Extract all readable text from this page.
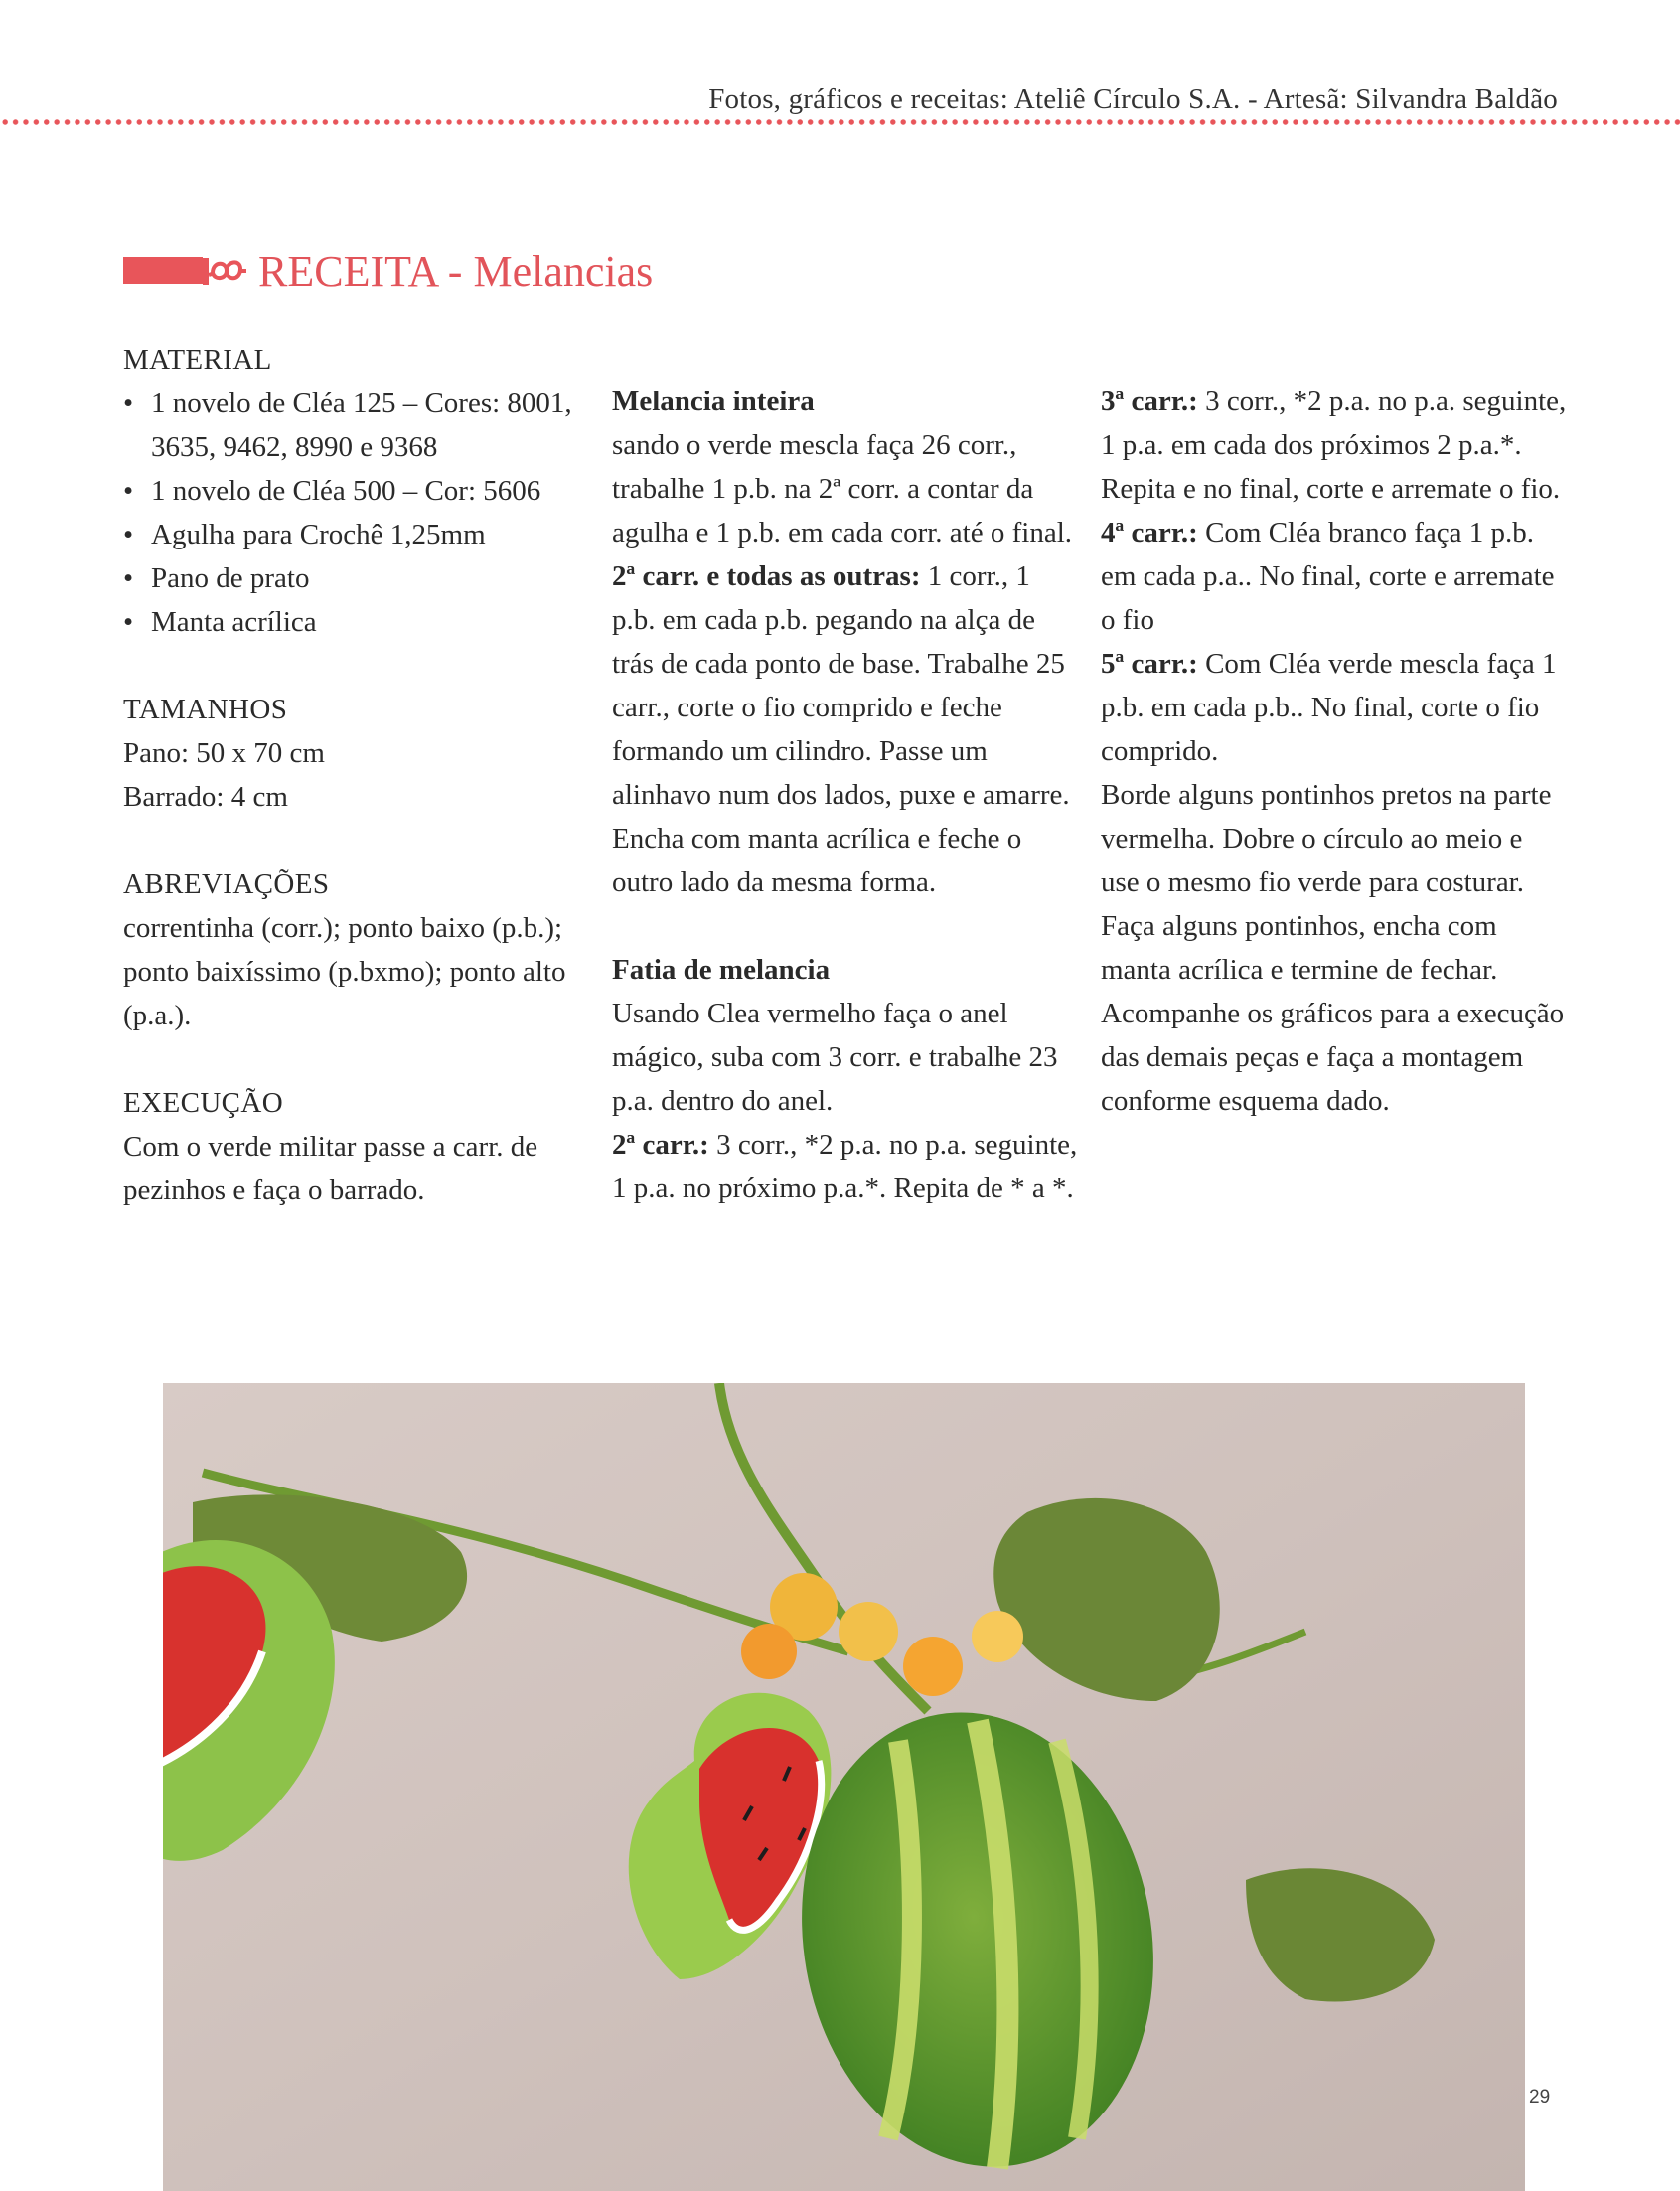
Fotos, gráficos e receitas: Ateliê Círculo S.A. - Artesã: Silvandra Baldão
RECEITA - Melancias

MATERIAL

• 1 novelo de Cléa 125 – Cores: 8001, 3635, 9462, 8990 e 9368
• 1 novelo de Cléa 500 – Cor: 5606
• Agulha para Crochê 1,25mm
• Pano de prato
• Manta acrílica

TAMANHOS

Pano: 50 x 70 cm

Barrado: 4 cm

ABREVIAÇÕES

correntinha (corr.); ponto baixo (p.b.); ponto baixíssimo (p.bxmo); ponto alto (p.a.).

EXECUÇÃO

Com o verde militar passe a carr. de pezinhos e faça o barrado.

Melancia inteira

sando o verde mescla faça 26 corr., trabalhe 1 p.b. na 2ª corr. a contar da agulha e 1 p.b. em cada corr. até o final.

2ª carr. e todas as outras: 1 corr., 1 p.b. em cada p.b. pegando na alça de trás de cada ponto de base. Trabalhe 25 carr., corte o fio comprido e feche formando um cilindro. Passe um alinhavo num dos lados, puxe e amarre. Encha com manta acrílica e feche o outro lado da mesma forma.

Fatia de melancia

Usando Clea vermelho faça o anel mágico, suba com 3 corr. e trabalhe 23 p.a. dentro do anel.

2ª carr.: 3 corr., *2 p.a. no p.a. seguinte, 1 p.a. no próximo p.a.*. Repita de * a *.

3ª carr.: 3 corr., *2 p.a. no p.a. seguinte, 1 p.a. em cada dos próximos 2 p.a.*. Repita e no final, corte e arremate o fio.

4ª carr.: Com Cléa branco faça 1 p.b. em cada p.a.. No final, corte e arremate o fio

5ª carr.: Com Cléa verde mescla faça 1 p.b. em cada p.b.. No final, corte o fio comprido.

Borde alguns pontinhos pretos na parte vermelha. Dobre o círculo ao meio e use o mesmo fio verde para costurar. Faça alguns pontinhos, encha com manta acrílica e termine de fechar. Acompanhe os gráficos para a execução das demais peças e faça a montagem conforme esquema dado.

29
